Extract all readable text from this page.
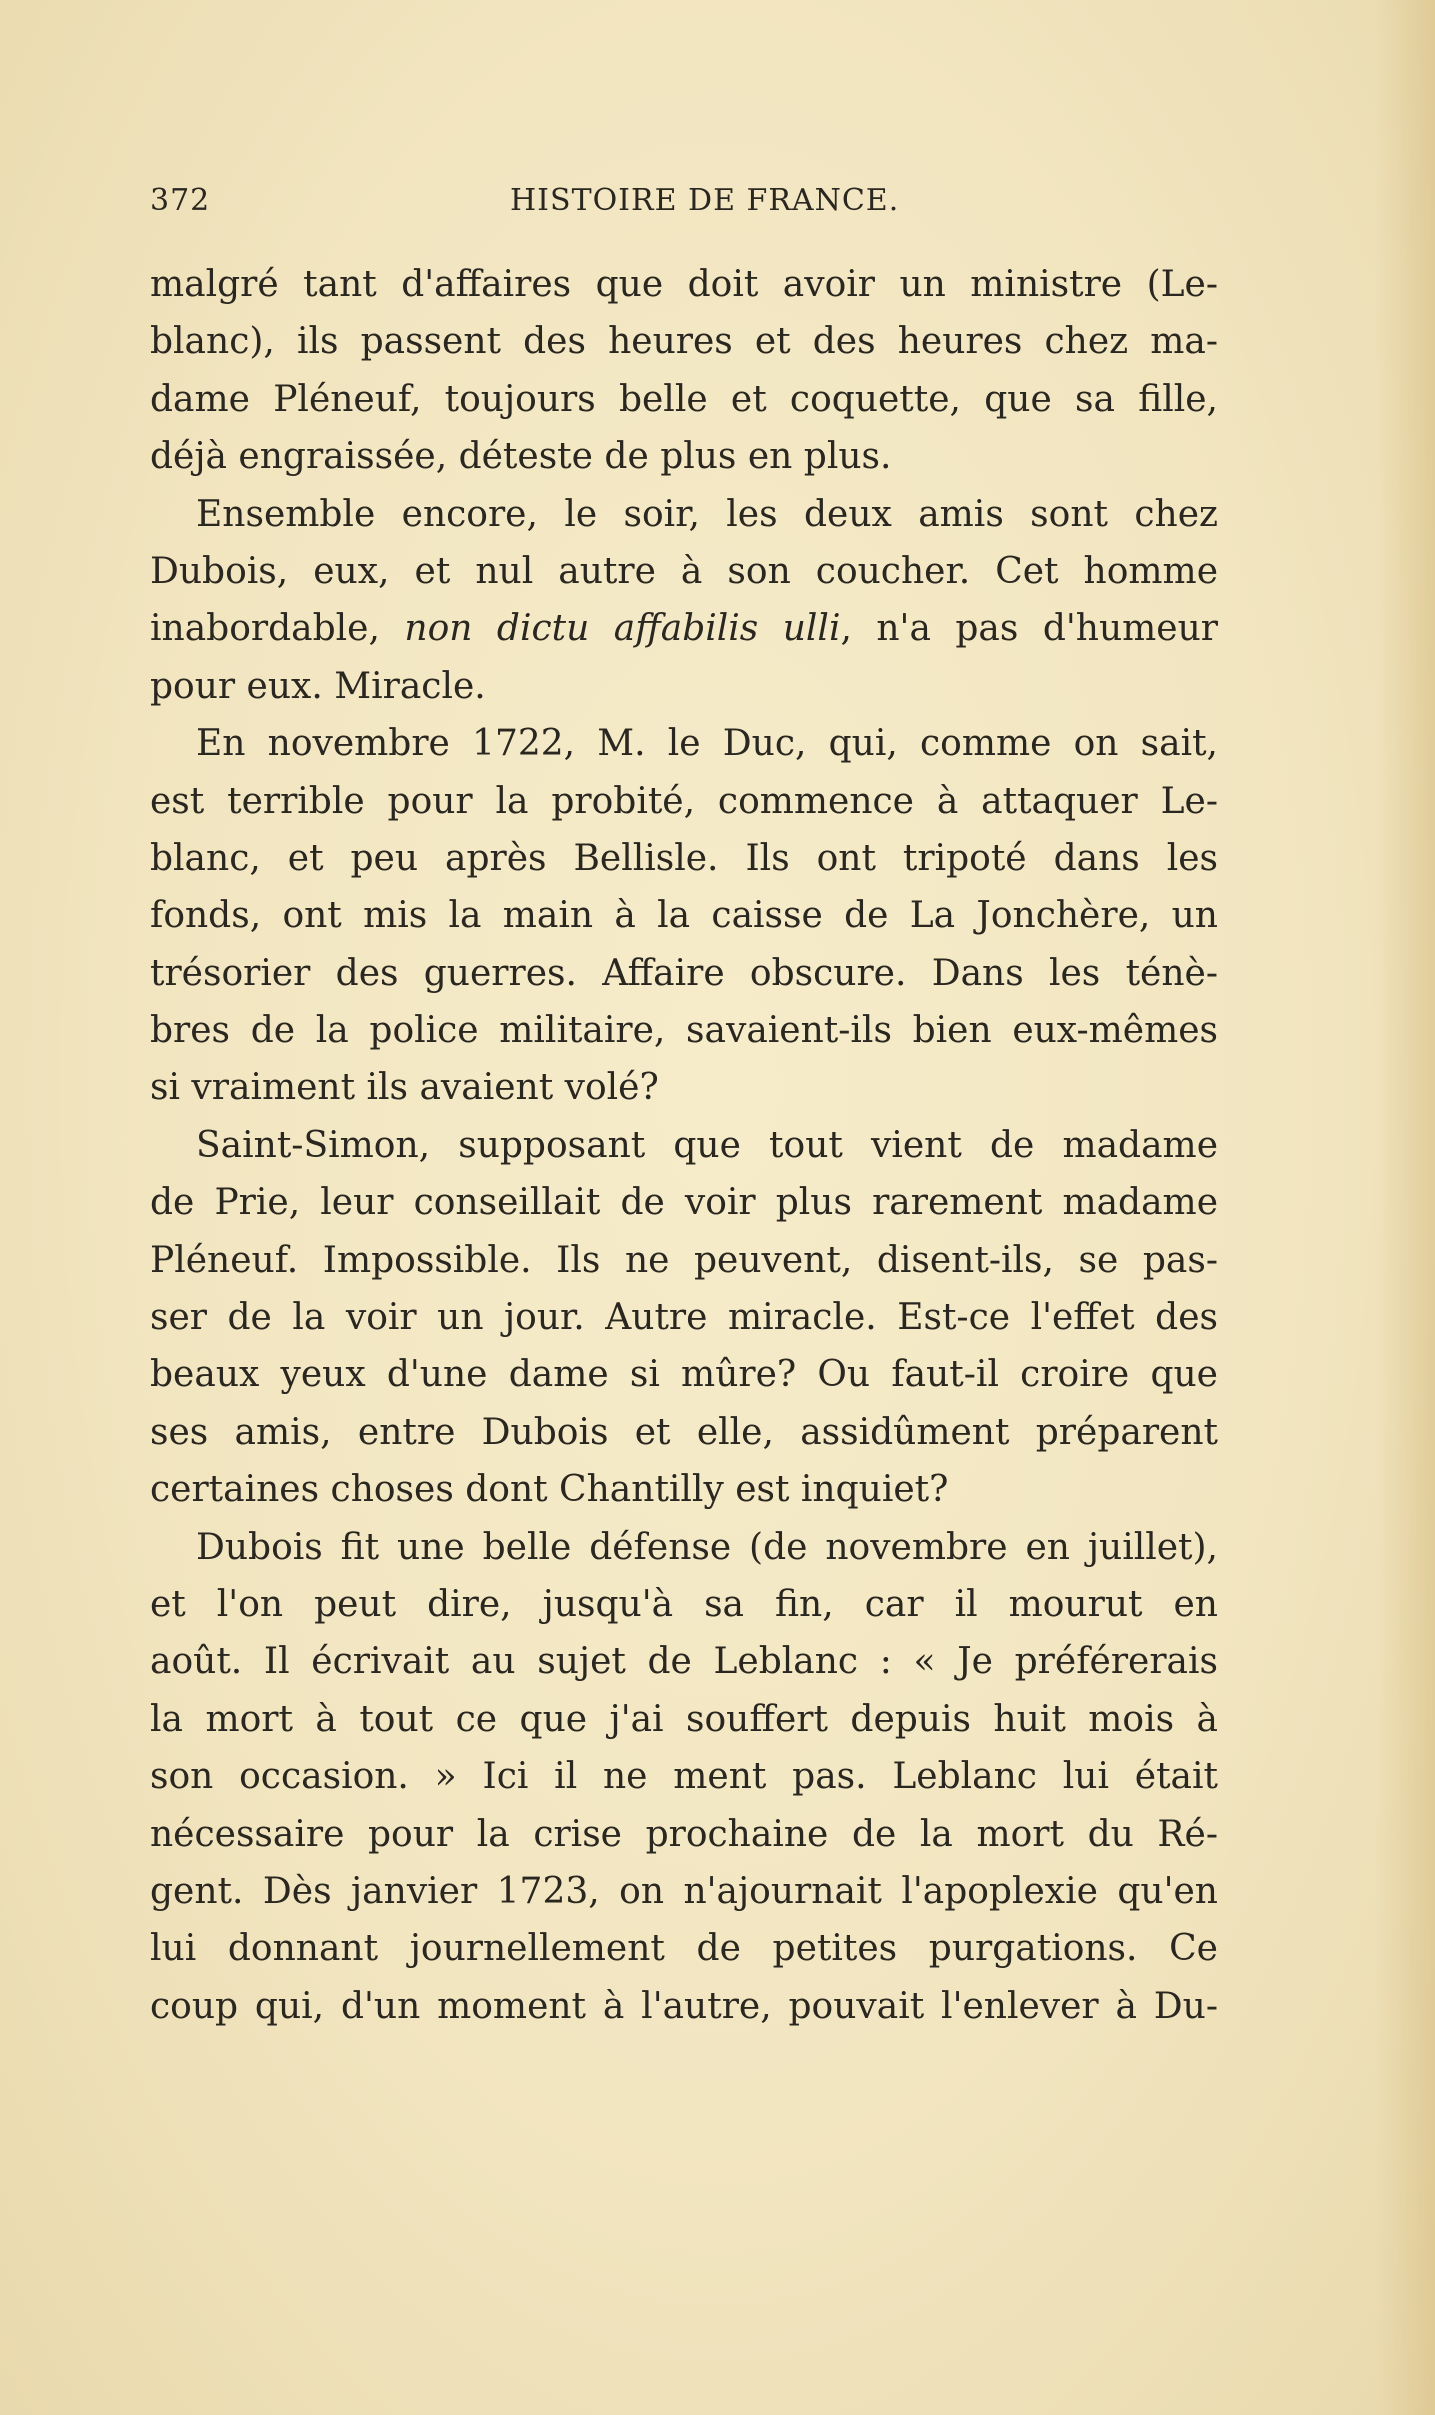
372	HISTOIRE DE FRANCE.
malgré tant d'affaires que doit avoir un ministre (Le-
blanc), ils passent des heures et des heures chez ma-
dame Pléneuf, toujours belle et coquette, que sa fille,
déjà engraissée, déteste de plus en plus.
Ensemble encore, le soir, les deux amis sont chez
Dubois, eux, et nul autre à son coucher. Cet homme
inabordable, non dictu affabilis ulli, n'a pas d'humeur
pour eux. Miracle.
En novembre 1722, M. le Duc, qui, comme on sait,
est terrible pour la probité, commence à attaquer Le-
blanc, et peu après Bellisle. Ils ont tripoté dans les
fonds, ont mis la main à la caisse de La Jonchère, un
trésorier des guerres. Affaire obscure. Dans les ténè-
bres de la police militaire, savaient-ils bien eux-mêmes
si vraiment ils avaient volé?
Saint-Simon, supposant que tout vient de madame
de Prie, leur conseillait de voir plus rarement madame
Pléneuf. Impossible. Ils ne peuvent, disent-ils, se pas-
ser de la voir un jour. Autre miracle. Est-ce l'effet des
beaux yeux d'une dame si mûre? Ou faut-il croire que
ses amis, entre Dubois et elle, assidûment préparent
certaines choses dont Chantilly est inquiet?
Dubois fit une belle défense (de novembre en juillet),
et l'on peut dire, jusqu'à sa fin, car il mourut en
août. Il écrivait au sujet de Leblanc : « Je préférerais
la mort à tout ce que j'ai souffert depuis huit mois à
son occasion. » Ici il ne ment pas. Leblanc lui était
nécessaire pour la crise prochaine de la mort du Ré-
gent. Dès janvier 1723, on n'ajournait l'apoplexie qu'en
lui donnant journellement de petites purgations. Ce
coup qui, d'un moment à l'autre, pouvait l'enlever à Du-
